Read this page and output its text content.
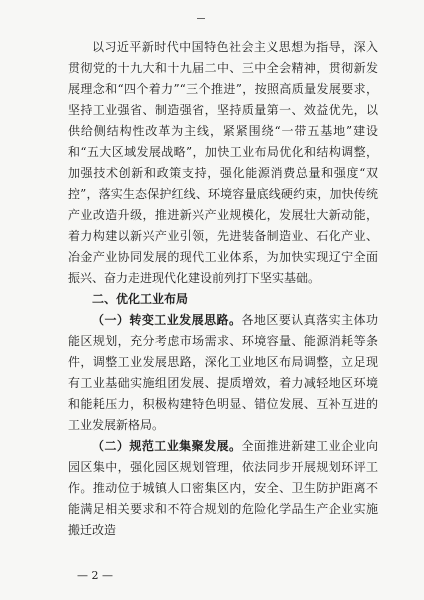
以习近平新时代中国特色社会主义思想为指导，深入贯彻党的十九大和十九届二中、三中全会精神，贯彻新发展理念和“四个着力”“三个推进”，按照高质量发展要求，坚持工业强省、制造强省，坚持质量第一、效益优先，以供给侧结构性改革为主线，紧紧围绕“一带五基地”建设和“五大区域发展战略”，加快工业布局优化和结构调整，加强技术创新和政策支持，强化能源消费总量和强度“双控”，落实生态保护红线、环境容量底线硬约束，加快传统产业改造升级，推进新兴产业规模化，发展壮大新动能，着力构建以新兴产业引领，先进装备制造业、石化产业、冶金产业协同发展的现代工业体系，为加快实现辽宁全面振兴、奋力走进现代化建设前列打下坚实基础。

二、优化工业布局

（一）转变工业发展思路。各地区要认真落实主体功能区规划，充分考虑市场需求、环境容量、能源消耗等条件，调整工业发展思路，深化工业地区布局调整，立足现有工业基础实施组团发展、提质增效，着力减轻地区环境和能耗压力，积极构建特色明显、错位发展、互补互进的工业发展新格局。

（二）规范工业集聚发展。全面推进新建工业企业向园区集中，强化园区规划管理，依法同步开展规划环评工作。推动位于城镇人口密集区内，安全、卫生防护距离不能满足相关要求和不符合规划的危险化学品生产企业实施搬迁改造

— 2 —
